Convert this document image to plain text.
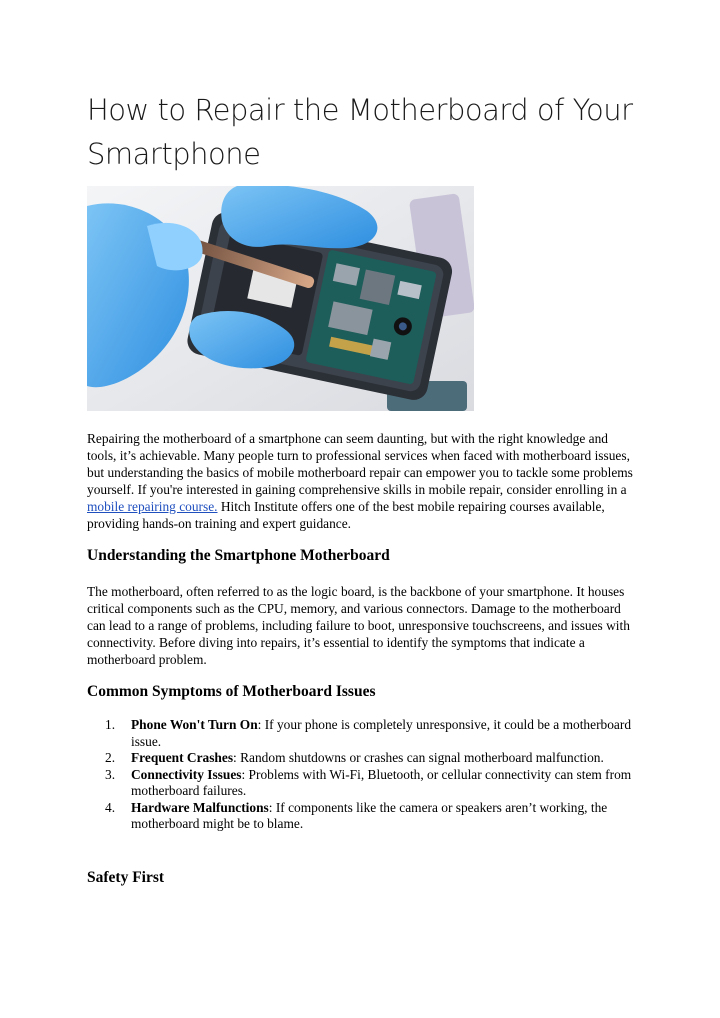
How to Repair the Motherboard of Your Smartphone

Repairing the motherboard of a smartphone can seem daunting, but with the right knowledge and tools, it’s achievable. Many people turn to professional services when faced with motherboard issues, but understanding the basics of mobile motherboard repair can empower you to tackle some problems yourself. If you're interested in gaining comprehensive skills in mobile repair, consider enrolling in a mobile repairing course. Hitch Institute offers one of the best mobile repairing courses available, providing hands-on training and expert guidance.

Understanding the Smartphone Motherboard

The motherboard, often referred to as the logic board, is the backbone of your smartphone. It houses critical components such as the CPU, memory, and various connectors. Damage to the motherboard can lead to a range of problems, including failure to boot, unresponsive touchscreens, and issues with connectivity. Before diving into repairs, it’s essential to identify the symptoms that indicate a motherboard problem.

Common Symptoms of Motherboard Issues
1. Phone Won't Turn On: If your phone is completely unresponsive, it could be a motherboard issue.
2. Frequent Crashes: Random shutdowns or crashes can signal motherboard malfunction.
3. Connectivity Issues: Problems with Wi-Fi, Bluetooth, or cellular connectivity can stem from motherboard failures.
4. Hardware Malfunctions: If components like the camera or speakers aren’t working, the motherboard might be to blame.
Safety First
